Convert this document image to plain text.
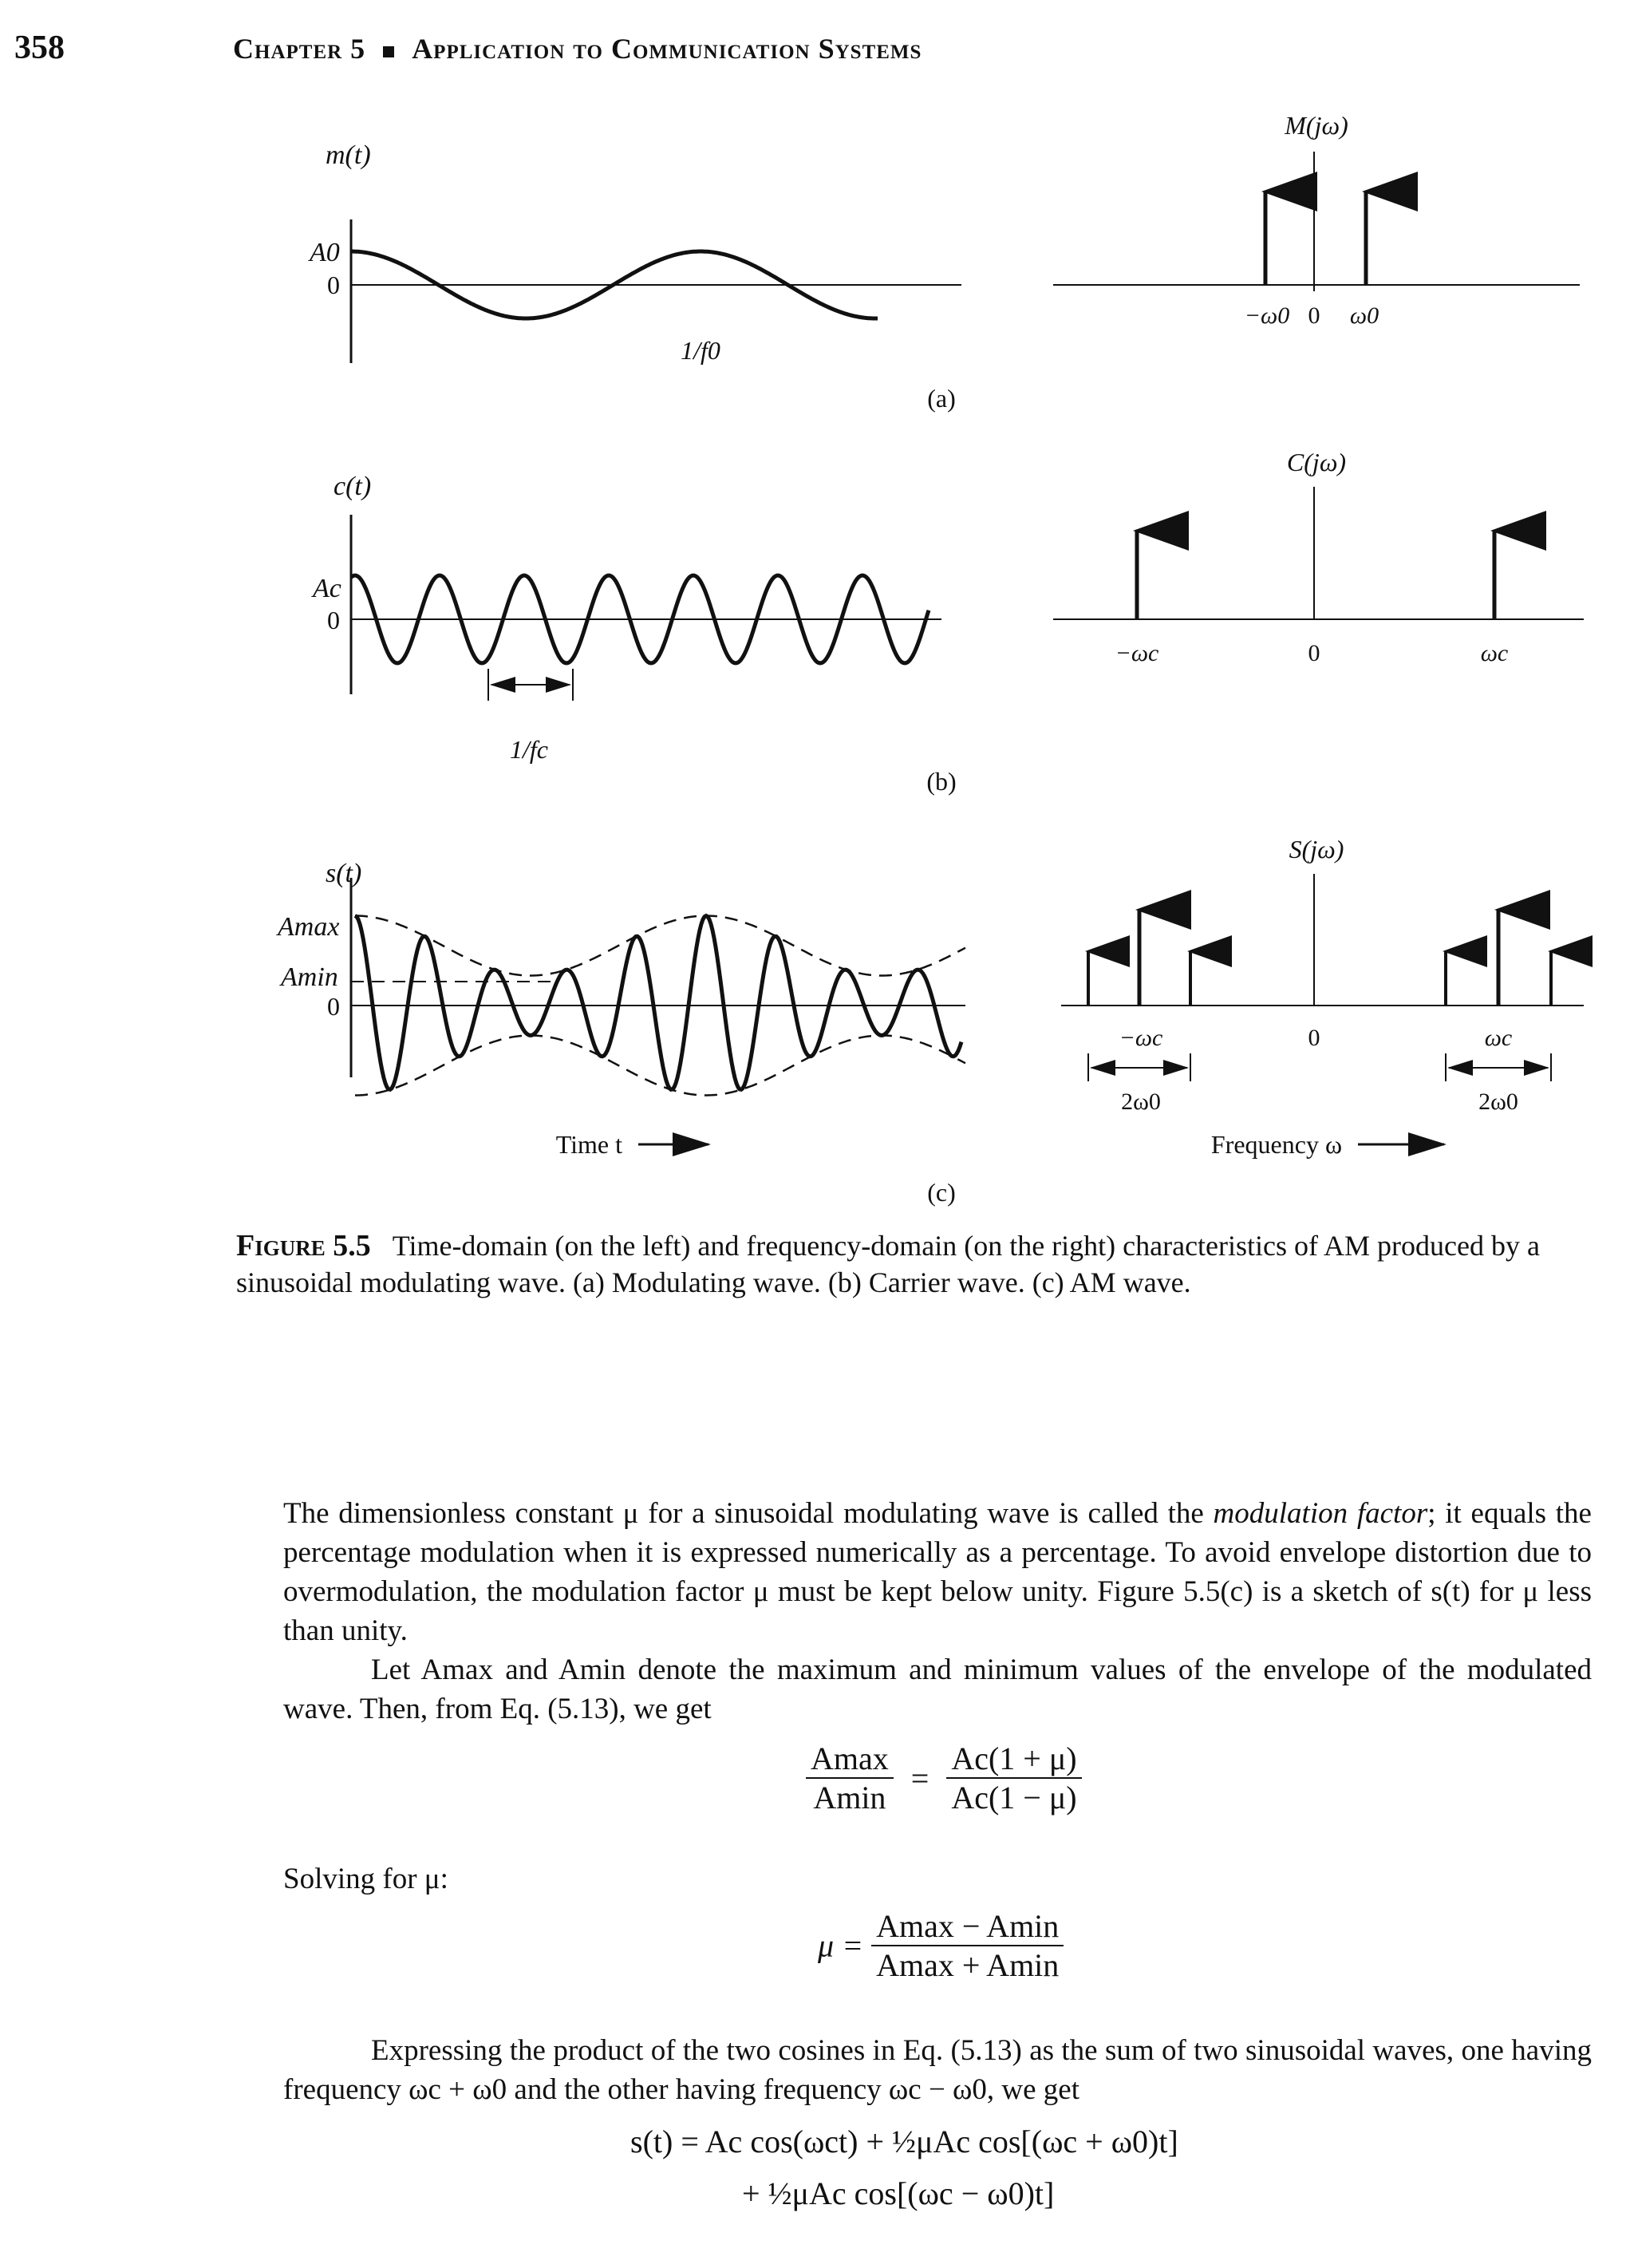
358	Chapter 5 Application to Communication Systems
m(t)
A0
0
1/f0
M(jω)
−ω0 0 ω0
(a)
c(t)
Ac
0
1/fc
C(jω)
−ωc	0	ωc
(b)
s(t)
Amax
Amin
0
Time t
S(jω)
−ωc	0	ωc
2ω0	2ω0
Frequency ω
(c)
Figure 5.5 Time-domain (on the left) and frequency-domain (on the right) characteristics of AM produced by a sinusoidal modulating wave. (a) Modulating wave. (b) Carrier wave. (c) AM wave.
The dimensionless constant μ for a sinusoidal modulating wave is called the modulation factor; it equals the percentage modulation when it is expressed numerically as a percentage. To avoid envelope distortion due to overmodulation, the modulation factor μ must be kept below unity. Figure 5.5(c) is a sketch of s(t) for μ less than unity.
Let Amax and Amin denote the maximum and minimum values of the envelope of the modulated wave. Then, from Eq. (5.13), we get
$\frac{Amax}{Amin} = \frac{Ac(1 + \mu)}{Ac(1 - \mu)}$
Solving for μ:
$\mu = \frac{Amax - Amin}{Amax + Amin}$
Expressing the product of the two cosines in Eq. (5.13) as the sum of two sinusoidal waves, one having frequency ωc + ω0 and the other having frequency ωc − ω0, we get
s(t) = Ac cos(ωct) + ½μAc cos[(ωc + ω0)t]
+ ½μAc cos[(ωc − ω0)t]
